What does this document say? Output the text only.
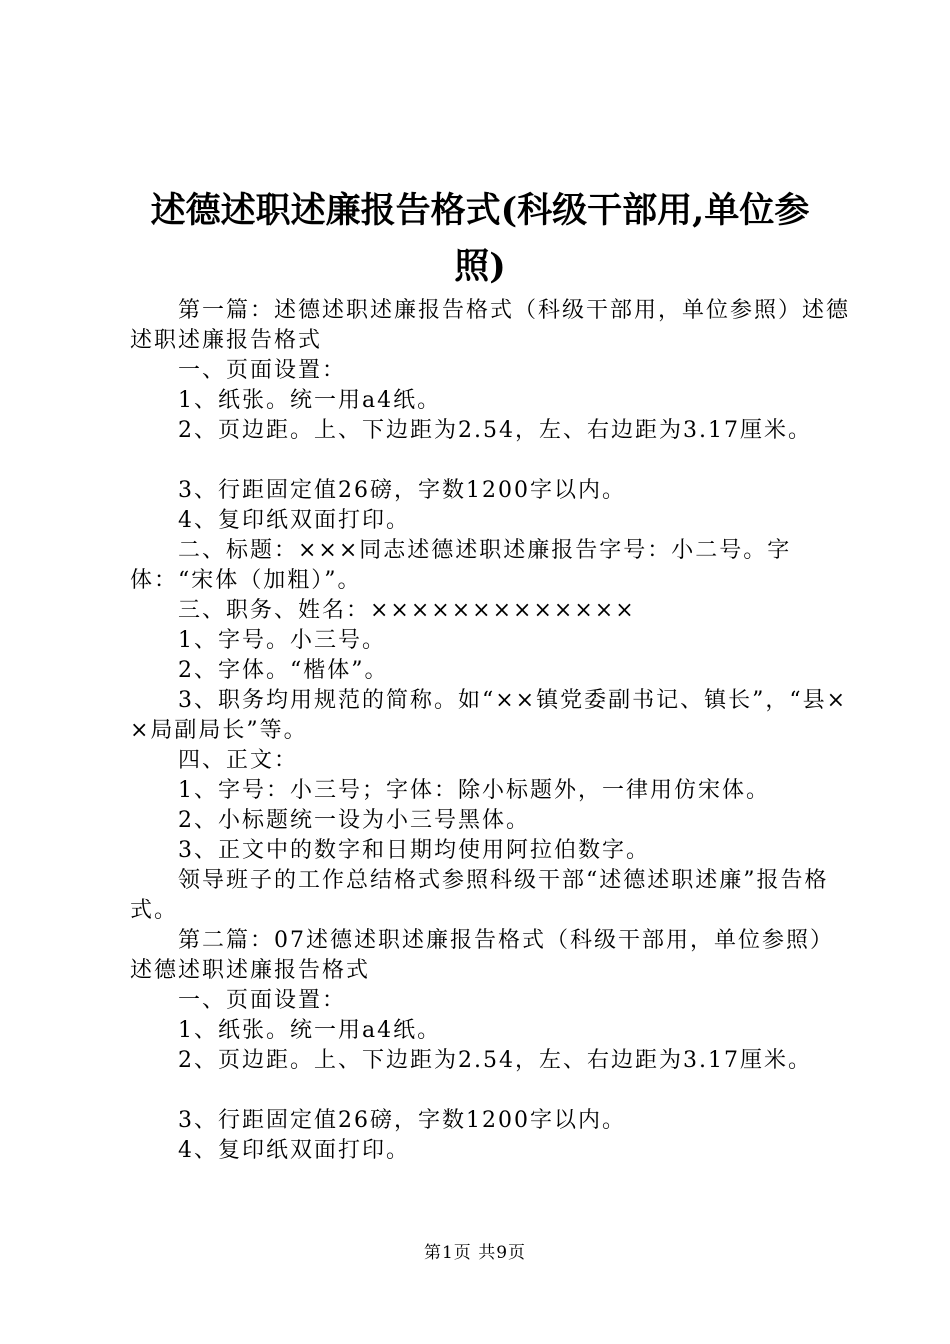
述德述职述廉报告格式(科级干部用,单位参
照)

第一篇：述德述职述廉报告格式（科级干部用，单位参照）述德述职述廉报告格式

一、页面设置：

1、纸张。统一用a4纸。

2、页边距。上、下边距为2.54，左、右边距为3.17厘米。

3、行距固定值26磅，字数1200字以内。

4、复印纸双面打印。

二、标题：×××同志述德述职述廉报告字号：小二号。字体：“宋体（加粗）”。

三、职务、姓名：×××××××××××××

1、字号。小三号。

2、字体。“楷体”。

3、职务均用规范的简称。如“××镇党委副书记、镇长”，“县××局副局长”等。

四、正文：

1、字号：小三号；字体：除小标题外，一律用仿宋体。

2、小标题统一设为小三号黑体。

3、正文中的数字和日期均使用阿拉伯数字。

领导班子的工作总结格式参照科级干部“述德述职述廉”报告格式。

第二篇：07述德述职述廉报告格式（科级干部用，单位参照）述德述职述廉报告格式

一、页面设置：

1、纸张。统一用a4纸。

2、页边距。上、下边距为2.54，左、右边距为3.17厘米。

3、行距固定值26磅，字数1200字以内。

4、复印纸双面打印。

第1页 共9页
